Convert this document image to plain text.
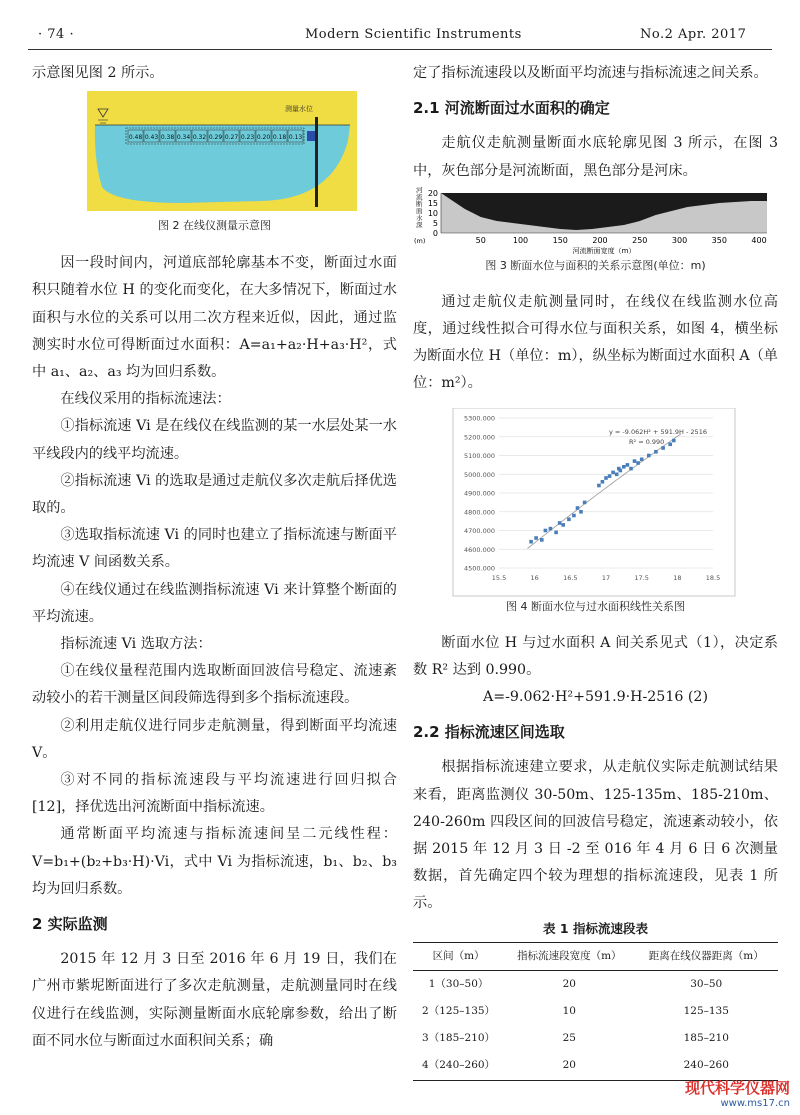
· 74 ·	Modern Scientific Instruments	No.2 Apr. 2017

示意图见图 2 所示。

测量水位
0.48 0.43 0.38 0.34 0.32 0.29 0.27 0.23 0.20 0.18 0.13

图 2 在线仪测量示意图

因一段时间内，河道底部轮廓基本不变，断面过水面积只随着水位 H 的变化而变化，在大多情况下，断面过水面积与水位的关系可以用二次方程来近似，因此，通过监测实时水位可得断面过水面积：A=a₁+a₂·H+a₃·H²，式中 a₁、a₂、a₃ 均为回归系数。

在线仪采用的指标流速法：

①指标流速 Vi 是在线仪在线监测的某一水层处某一水平线段内的线平均流速。

②指标流速 Vi 的选取是通过走航仪多次走航后择优选取的。

③选取指标流速 Vi 的同时也建立了指标流速与断面平均流速 V 间函数关系。

④在线仪通过在线监测指标流速 Vi 来计算整个断面的平均流速。

指标流速 Vi 选取方法：

①在线仪量程范围内选取断面回波信号稳定、流速紊动较小的若干测量区间段筛选得到多个指标流速段。

②利用走航仪进行同步走航测量，得到断面平均流速 V。

③对不同的指标流速段与平均流速进行回归拟合 [12]，择优选出河流断面中指标流速。

通常断面平均流速与指标流速间呈二元线性程：V=b₁+(b₂+b₃·H)·Vi，式中 Vi 为指标流速，b₁、b₂、b₃ 均为回归系数。

2 实际监测

2015 年 12 月 3 日至 2016 年 6 月 19 日，我们在广州市紫坭断面进行了多次走航测量，走航测量同时在线仪进行在线监测，实际测量断面水底轮廓参数，给出了断面不同水位与断面过水面积间关系；确

定了指标流速段以及断面平均流速与指标流速之间关系。

2.1 河流断面过水面积的确定

走航仪走航测量断面水底轮廓见图 3 所示，在图 3 中，灰色部分是河流断面，黑色部分是河床。

20
15
10
5
0
50	100	150	200	250	300	350	400
河
流
断
面
水
深
(m)
河流断面宽度（m）

图 3 断面水位与面积的关系示意图(单位：m)

通过走航仪走航测量同时，在线仪在线监测水位高度，通过线性拟合可得水位与面积关系，如图 4，横坐标为断面水位 H（单位：m），纵坐标为断面过水面积 A（单位：m²）。

5300.000
5200.000
5100.000
5000.000
4900.000
4800.000
4700.000
4600.000
4500.000
15.5	16	16.5	17	17.5	18	18.5
y = -9.062H² + 591.9H - 2516
R² = 0.990

图 4 断面水位与过水面积线性关系图

断面水位 H 与过水面积 A 间关系见式（1），决定系数 R² 达到 0.990。

A=-9.062·H²+591.9·H-2516 (2)

2.2 指标流速区间选取

根据指标流速建立要求，从走航仪实际走航测试结果来看，距离监测仪 30-50m、125-135m、185-210m、240-260m 四段区间的回波信号稳定，流速紊动较小，依据 2015 年 12 月 3 日 -2 至 016 年 4 月 6 日 6 次测量数据，首先确定四个较为理想的指标流速段，见表 1 所示。

表 1 指标流速段表

区间（m）	指标流速段宽度（m）	距离在线仪器距离（m）
1（30–50）	20	30–50
2（125–135）	10	125–135
3（185–210）	25	185–210
4（240–260）	20	240–260
现代科学仪器网
www.ms17.cn
